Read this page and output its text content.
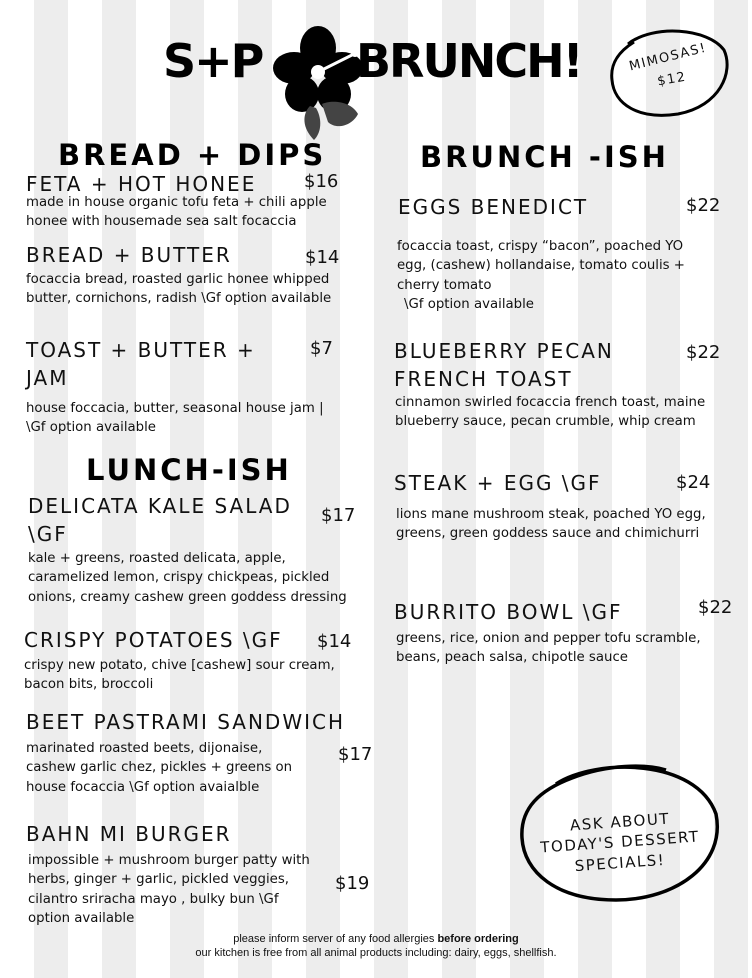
S+P BRUNCH!	MIMOSAS!
$12
BREAD + DIPS
FETA + HOT HONEE	$16
made in house organic tofu feta + chili apple honee with housemade sea salt focaccia
BREAD + BUTTER	$14
focaccia bread, roasted garlic honee whipped butter, cornichons, radish \Gf option available
TOAST + BUTTER + JAM
$7
house foccacia, butter, seasonal house jam | \Gf option available
LUNCH-ISH
DELICATA KALE SALAD \GF
$17
kale + greens, roasted delicata, apple, caramelized lemon, crispy chickpeas, pickled onions, creamy cashew green goddess dressing
CRISPY POTATOES \GF $14
crispy new potato, chive [cashew] sour cream, bacon bits, broccoli
BEET PASTRAMI SANDWICH
$17
marinated roasted beets, dijonaise, cashew garlic chez, pickles + greens on house focaccia \Gf option avaialble
BAHN MI BURGER
$19
impossible + mushroom burger patty with herbs, ginger + garlic, pickled veggies, cilantro sriracha mayo , bulky bun \Gf option available
BRUNCH -ISH
EGGS BENEDICT	$22
focaccia toast, crispy “bacon”, poached YO egg, (cashew) hollandaise, tomato coulis + cherry tomato
\Gf option available
BLUEBERRY PECAN FRENCH TOAST
$22
cinnamon swirled focaccia french toast, maine blueberry sauce, pecan crumble, whip cream
STEAK + EGG \GF	$24
lions mane mushroom steak, poached YO egg, greens, green goddess sauce and chimichurri
BURRITO BOWL \GF	$22
greens, rice, onion and pepper tofu scramble, beans, peach salsa, chipotle sauce
ASK ABOUT
TODAY'S DESSERT
SPECIALS!
please inform server of any food allergies before ordering
our kitchen is free from all animal products including: dairy, eggs, shellfish.
